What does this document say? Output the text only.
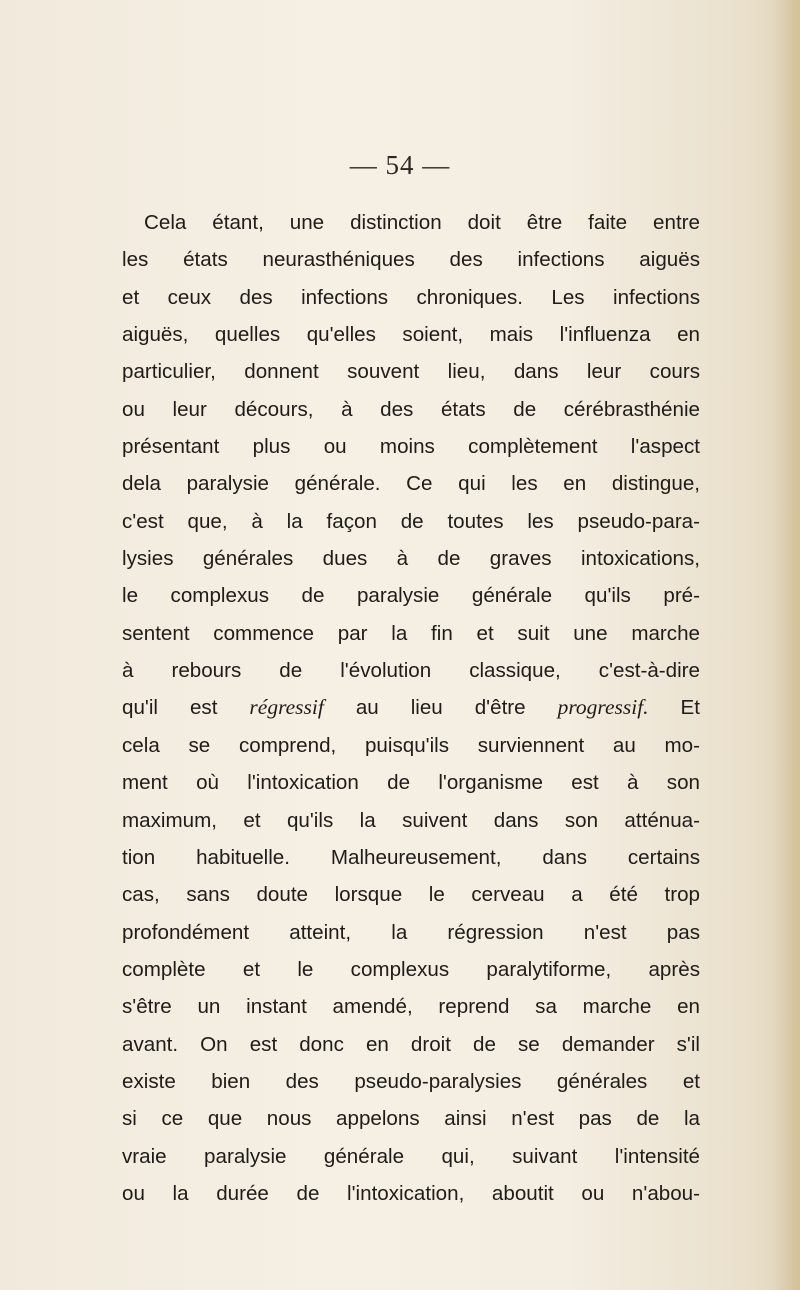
— 54 —
Cela étant, une distinction doit être faite entre
les états neurasthéniques des infections aiguës
et ceux des infections chroniques. Les infections
aiguës, quelles qu'elles soient, mais l'influenza en
particulier, donnent souvent lieu, dans leur cours
ou leur décours, à des états de cérébrasthénie
présentant plus ou moins complètement l'aspect
dela paralysie générale. Ce qui les en distingue,
c'est que, à la façon de toutes les pseudo-para-
lysies générales dues à de graves intoxications,
le complexus de paralysie générale qu'ils pré-
sentent commence par la fin et suit une marche
à rebours de l'évolution classique, c'est-à-dire
qu'il est régressif au lieu d'être progressif. Et
cela se comprend, puisqu'ils surviennent au mo-
ment où l'intoxication de l'organisme est à son
maximum, et qu'ils la suivent dans son atténua-
tion habituelle. Malheureusement, dans certains
cas, sans doute lorsque le cerveau a été trop
profondément atteint, la régression n'est pas
complète et le complexus paralytiforme, après
s'être un instant amendé, reprend sa marche en
avant. On est donc en droit de se demander s'il
existe bien des pseudo-paralysies générales et
si ce que nous appelons ainsi n'est pas de la
vraie paralysie générale qui, suivant l'intensité
ou la durée de l'intoxication, aboutit ou n'abou-
